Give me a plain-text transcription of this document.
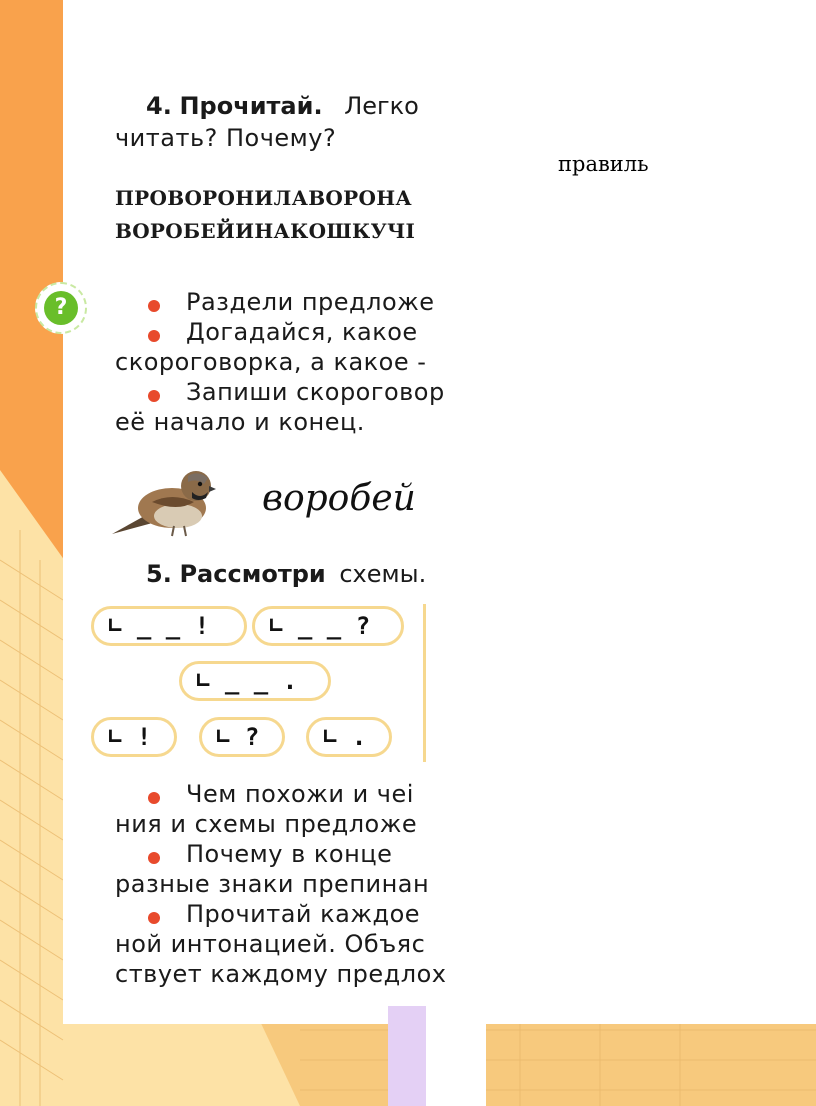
?
4. Прочитай. Легко
читать? Почему?
ПРОВОРОНИЛАВОРОНА
ВОРОБЕЙИНАКОШКУЧІ
Раздели предложе
Догадайся, какое
скороговорка, а какое -
Запиши скороговор
её начало и конец.
воробей
5. Рассмотри схемы.
∟ _ _ !	∟ _ _ ?
∟ _ _ .
∟ !	∟ ?	∟ .
Чем похожи и чеі
ния и схемы предложе
Почему в конце
разные знаки препинан
Прочитай каждое
ной интонацией. Объяс
ствует каждому предлох
правиль
